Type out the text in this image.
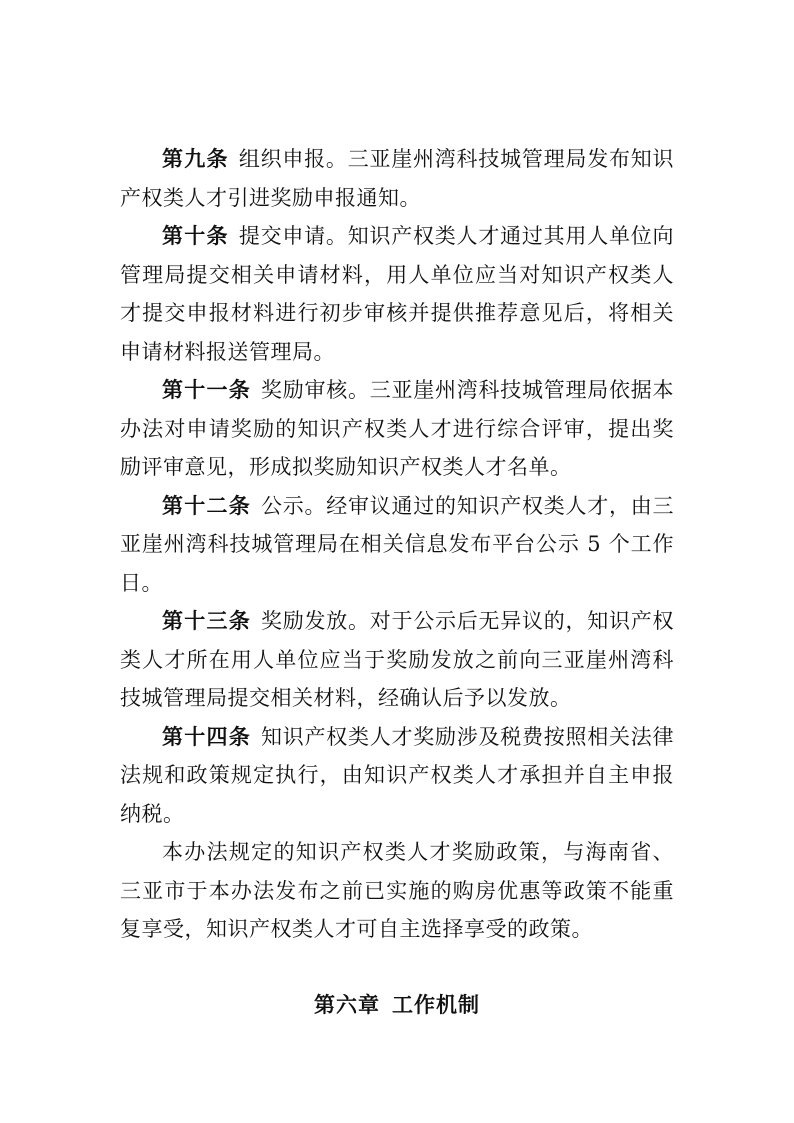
第九条 组织申报。三亚崖州湾科技城管理局发布知识产权类人才引进奖励申报通知。

第十条 提交申请。知识产权类人才通过其用人单位向管理局提交相关申请材料，用人单位应当对知识产权类人才提交申报材料进行初步审核并提供推荐意见后，将相关申请材料报送管理局。

第十一条 奖励审核。三亚崖州湾科技城管理局依据本办法对申请奖励的知识产权类人才进行综合评审，提出奖励评审意见，形成拟奖励知识产权类人才名单。

第十二条 公示。经审议通过的知识产权类人才，由三亚崖州湾科技城管理局在相关信息发布平台公示 5 个工作日。

第十三条 奖励发放。对于公示后无异议的，知识产权类人才所在用人单位应当于奖励发放之前向三亚崖州湾科技城管理局提交相关材料，经确认后予以发放。

第十四条 知识产权类人才奖励涉及税费按照相关法律法规和政策规定执行，由知识产权类人才承担并自主申报纳税。

本办法规定的知识产权类人才奖励政策，与海南省、三亚市于本办法发布之前已实施的购房优惠等政策不能重复享受，知识产权类人才可自主选择享受的政策。

第六章 工作机制
